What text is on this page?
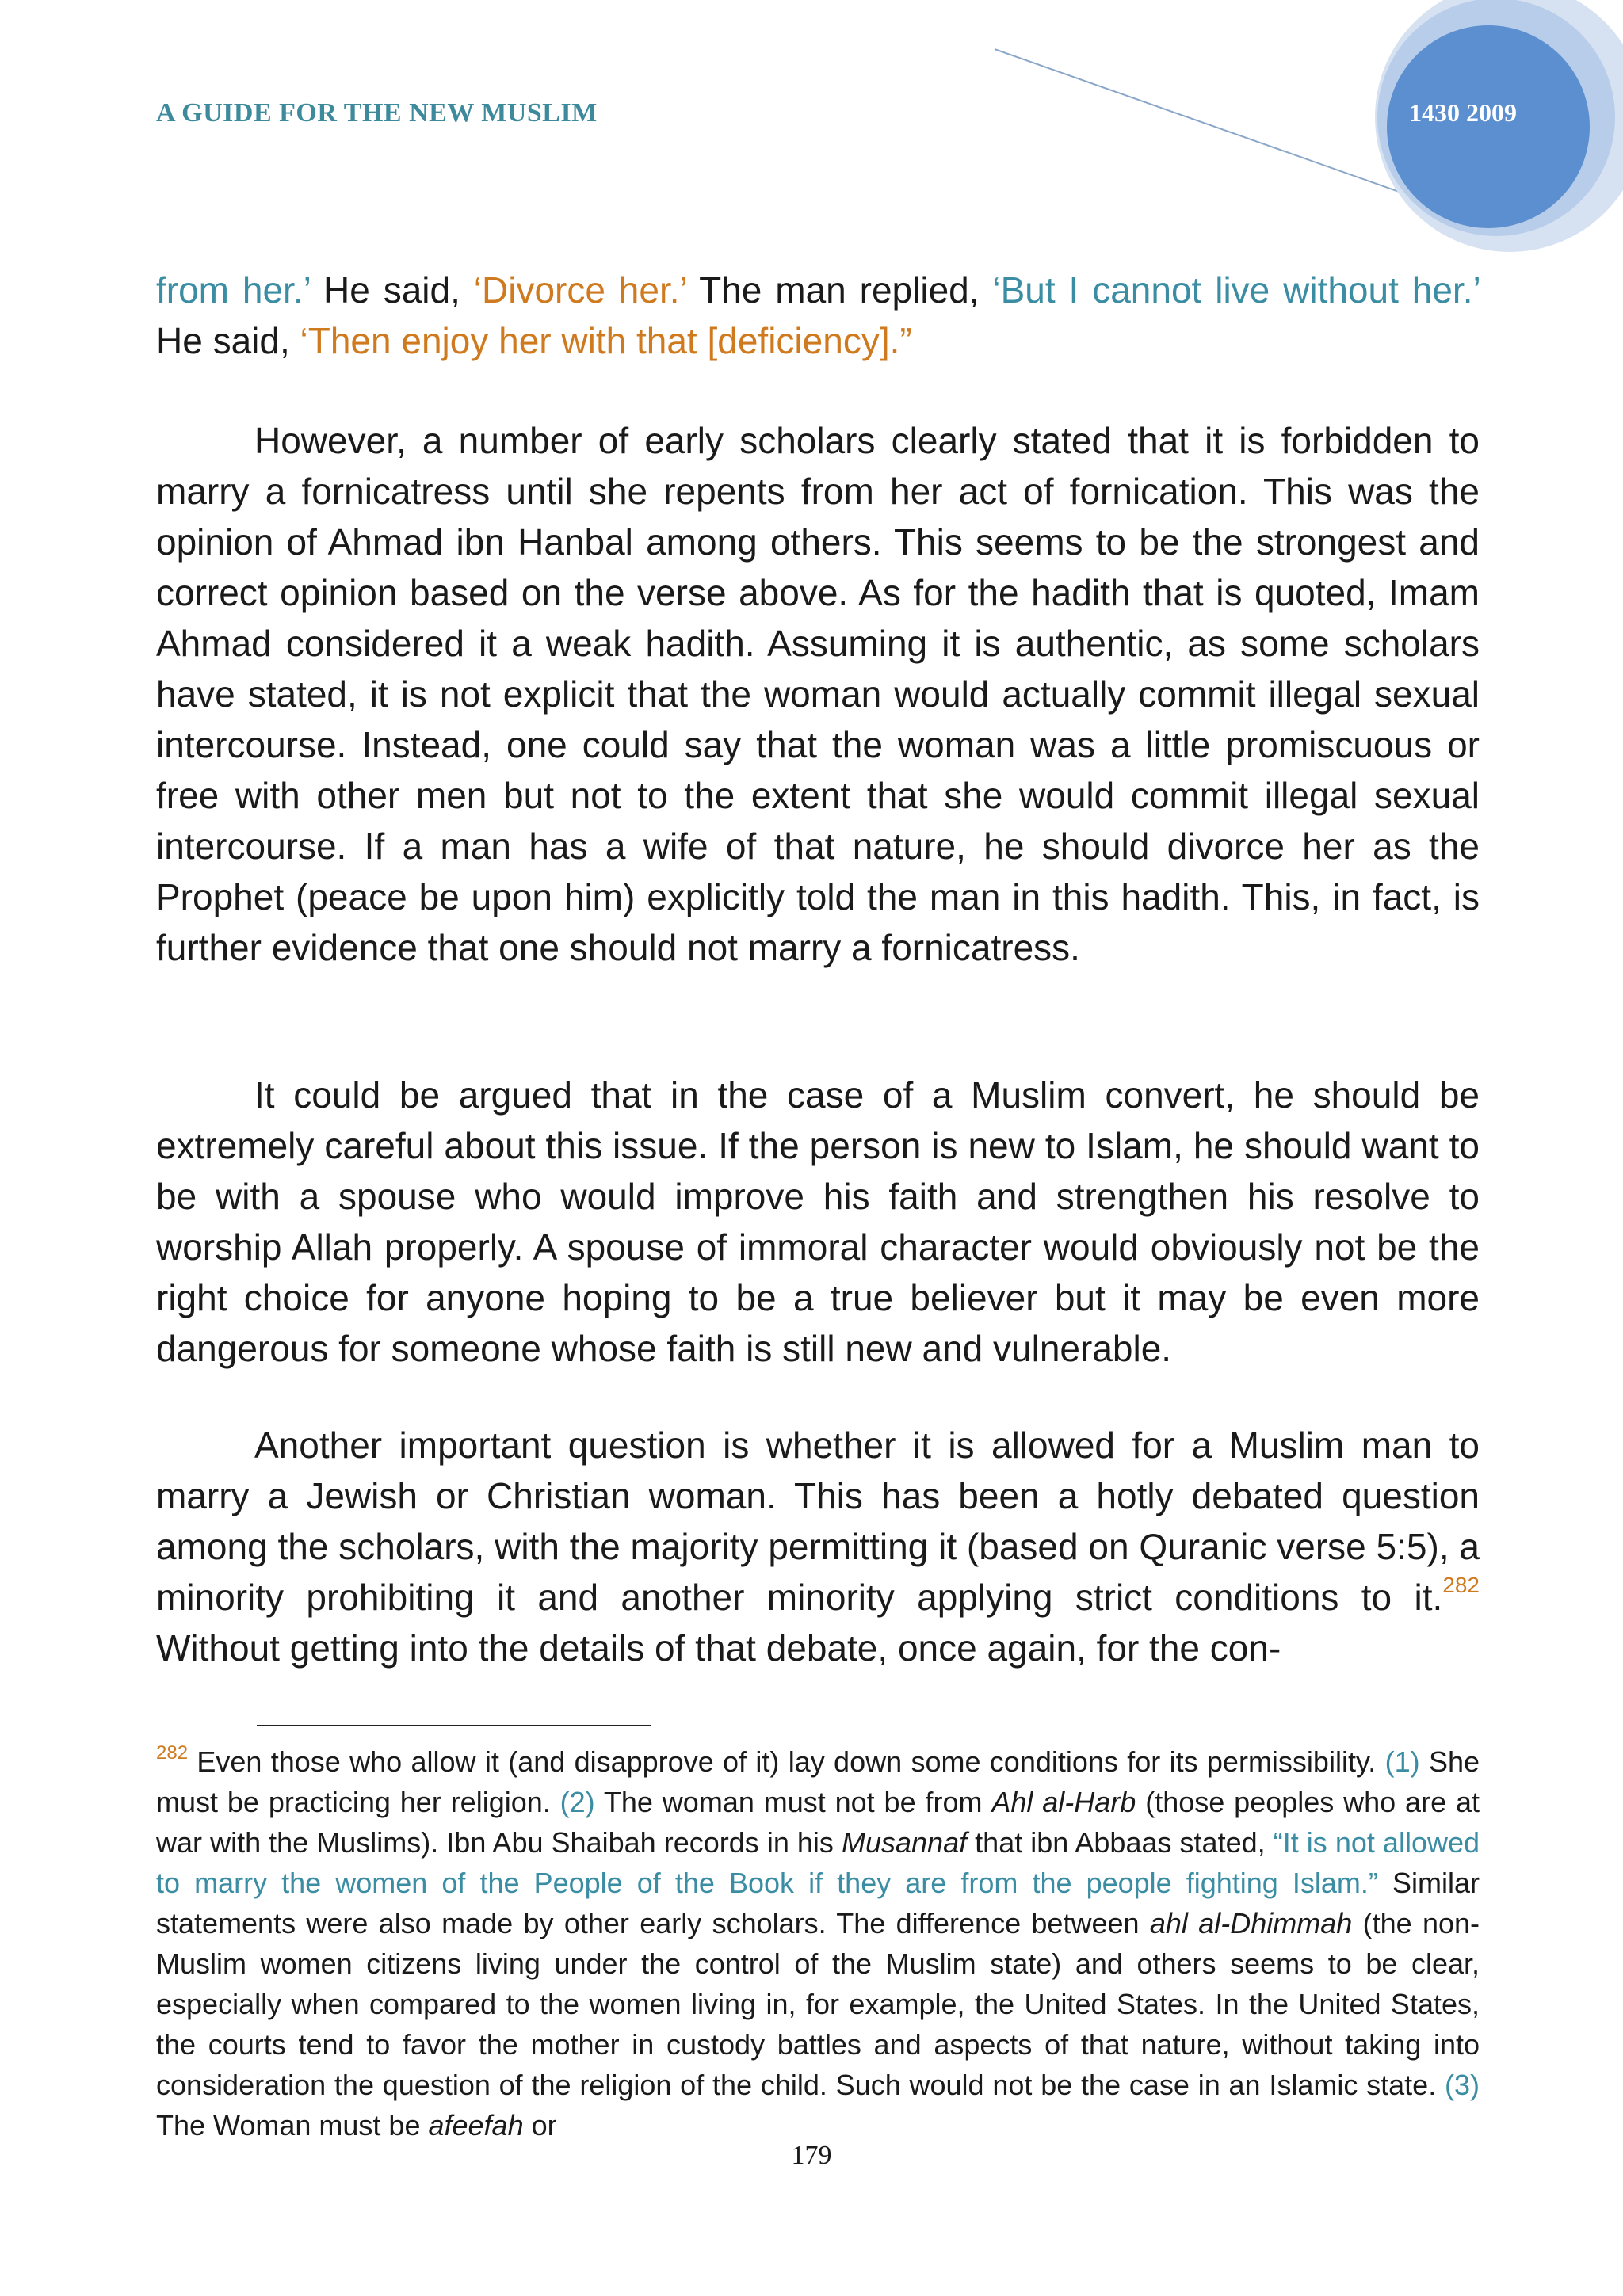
A GUIDE FOR THE NEW MUSLIM	1430 2009

from her.’ He said, ‘Divorce her.’ The man replied, ‘But I cannot live without her.’ He said, ‘Then enjoy her with that [deficiency].”

However, a number of early scholars clearly stated that it is forbidden to marry a fornicatress until she repents from her act of fornication. This was the opinion of Ahmad ibn Hanbal among others. This seems to be the strongest and correct opinion based on the verse above. As for the hadith that is quoted, Imam Ahmad considered it a weak hadith. Assuming it is authentic, as some scholars have stated, it is not explicit that the woman would actually commit illegal sexual intercourse. Instead, one could say that the woman was a little promiscuous or free with other men but not to the extent that she would commit illegal sexual intercourse. If a man has a wife of that nature, he should divorce her as the Prophet (peace be upon him) explicitly told the man in this hadith. This, in fact, is further evidence that one should not marry a fornicatress.

It could be argued that in the case of a Muslim convert, he should be extremely careful about this issue. If the person is new to Islam, he should want to be with a spouse who would improve his faith and strengthen his resolve to worship Allah properly. A spouse of immoral character would obviously not be the right choice for anyone hoping to be a true believer but it may be even more dangerous for someone whose faith is still new and vulnerable.

Another important question is whether it is allowed for a Muslim man to marry a Jewish or Christian woman. This has been a hotly debated question among the scholars, with the majority permitting it (based on Quranic verse 5:5), a minority prohibiting it and another minority applying strict conditions to it.$^{282}$ Without getting into the details of that debate, once again, for the con-

$^{282}$ Even those who allow it (and disapprove of it) lay down some conditions for its permissibility. (1) She must be practicing her religion. (2) The woman must not be from Ahl al-Harb (those peoples who are at war with the Muslims). Ibn Abu Shaibah records in his Musannaf that ibn Abbaas stated, “It is not allowed to marry the women of the People of the Book if they are from the people fighting Islam.” Similar statements were also made by other early scholars. The difference between ahl al-Dhimmah (the non-Muslim women citizens living under the control of the Muslim state) and others seems to be clear, especially when compared to the women living in, for example, the United States. In the United States, the courts tend to favor the mother in custody battles and aspects of that nature, without taking into consideration the question of the religion of the child. Such would not be the case in an Islamic state. (3) The Woman must be afeefah or

179
